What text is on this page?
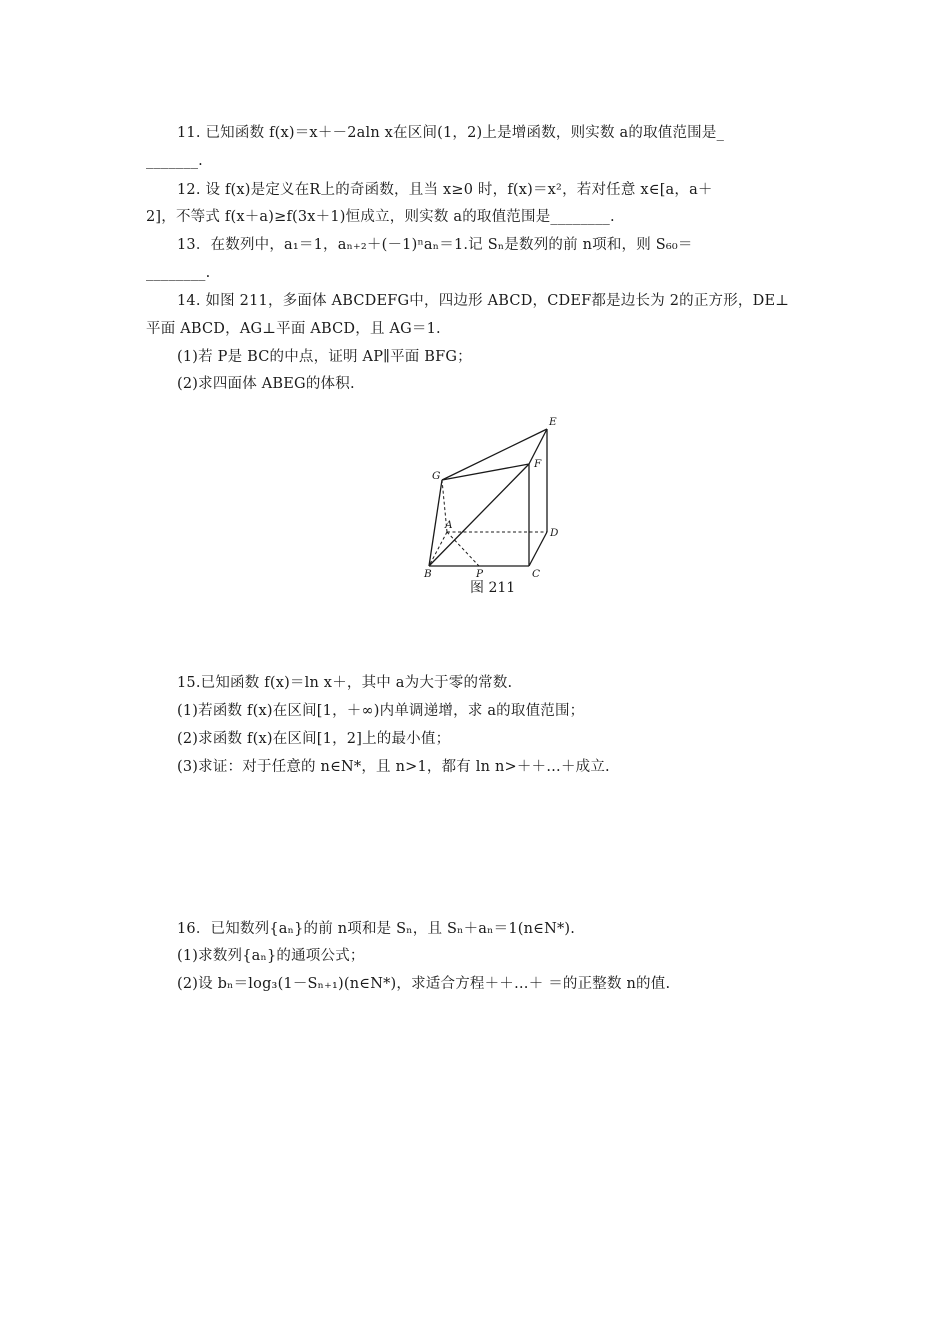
11. 已知函数 f(x)＝x＋－2aln x在区间(1，2)上是增函数，则实数 a的取值范围是_
_______.
12. 设 f(x)是定义在R上的奇函数，且当 x≥0 时，f(x)＝x²，若对任意 x∈[a，a＋
2]，不等式 f(x＋a)≥f(3x＋1)恒成立，则实数 a的取值范围是________.
13．在数列中，a₁＝1，aₙ₊₂＋(－1)ⁿaₙ＝1.记 Sₙ是数列的前 n项和，则 S₆₀＝
________.
14. 如图 211，多面体 ABCDEFG中，四边形 ABCD，CDEF都是边长为 2的正方形，DE⊥
平面 ABCD，AG⊥平面 ABCD，且 AG＝1.
(1)若 P是 BC的中点，证明 AP∥平面 BFG；
(2)求四面体 ABEG的体积.
E
F
G
A
D
B	P	C
图 211
15.已知函数 f(x)＝ln x＋，其中 a为大于零的常数.
(1)若函数 f(x)在区间[1，＋∞)内单调递增，求 a的取值范围；
(2)求函数 f(x)在区间[1，2]上的最小值；
(3)求证：对于任意的 n∈N*，且 n>1，都有 ln n>＋＋…＋成立.
16．已知数列{aₙ}的前 n项和是 Sₙ，且 Sₙ＋aₙ＝1(n∈N*).
(1)求数列{aₙ}的通项公式；
(2)设 bₙ＝log₃(1－Sₙ₊₁)(n∈N*)，求适合方程＋＋…＋ ＝的正整数 n的值.
